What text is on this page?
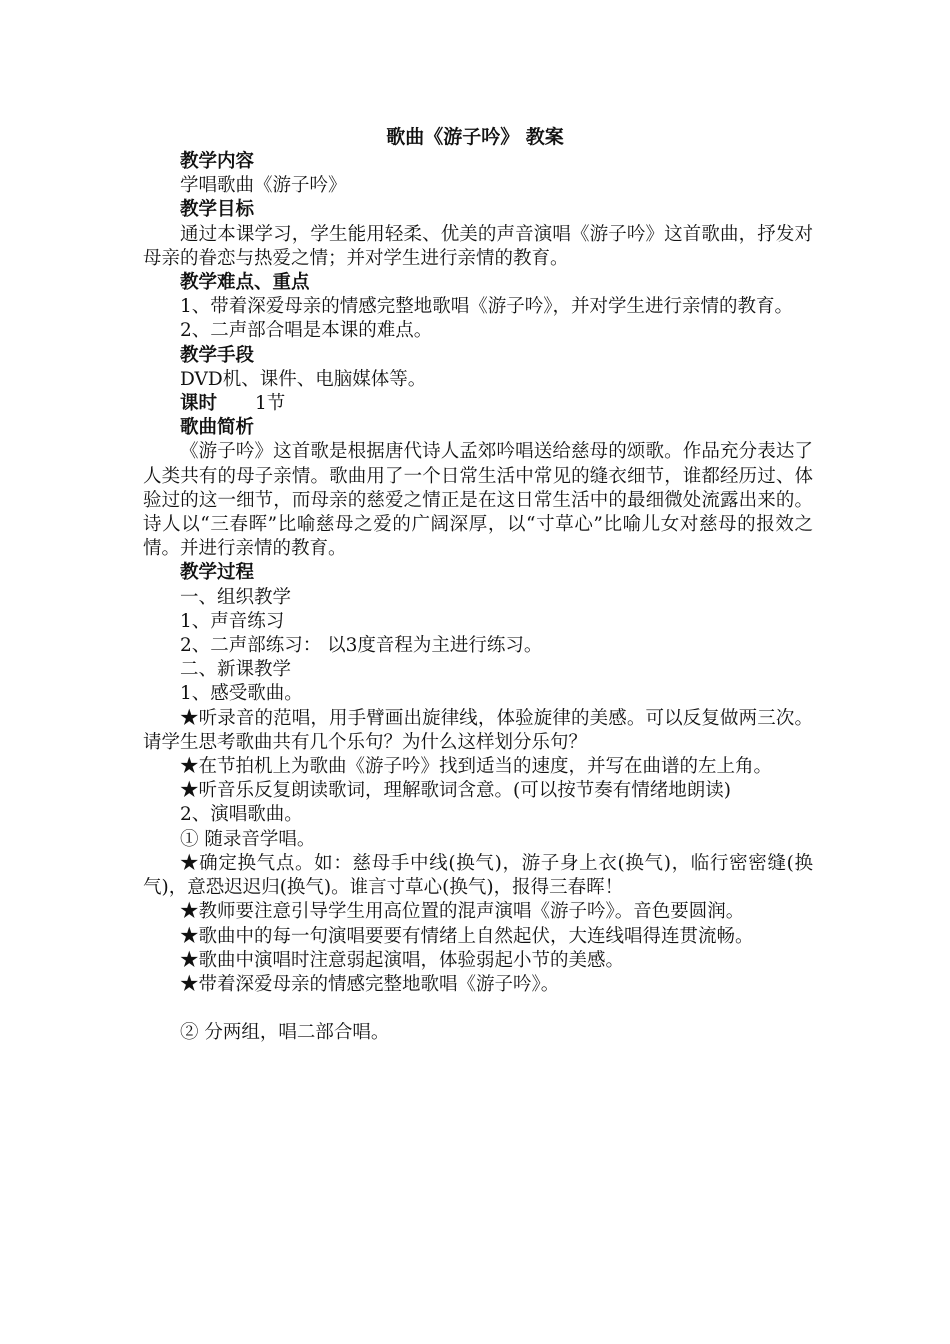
歌曲《游子吟》 教案

教学内容

学唱歌曲《游子吟》

教学目标

通过本课学习，学生能用轻柔、优美的声音演唱《游子吟》这首歌曲，抒发对母亲的眷恋与热爱之情；并对学生进行亲情的教育。

教学难点、重点

1、带着深爱母亲的情感完整地歌唱《游子吟》，并对学生进行亲情的教育。

2、二声部合唱是本课的难点。

教学手段

DVD机、课件、电脑媒体等。

课时 1节

歌曲简析

《游子吟》这首歌是根据唐代诗人孟郊吟唱送给慈母的颂歌。作品充分表达了人类共有的母子亲情。歌曲用了一个日常生活中常见的缝衣细节，谁都经历过、体验过的这一细节，而母亲的慈爱之情正是在这日常生活中的最细微处流露出来的。诗人以“三春晖”比喻慈母之爱的广阔深厚，以“寸草心”比喻儿女对慈母的报效之情。并进行亲情的教育。

教学过程

一、组织教学

1、声音练习

2、二声部练习： 以3度音程为主进行练习。

二、新课教学

1、感受歌曲。

★听录音的范唱，用手臂画出旋律线，体验旋律的美感。可以反复做两三次。请学生思考歌曲共有几个乐句？为什么这样划分乐句？

★在节拍机上为歌曲《游子吟》找到适当的速度，并写在曲谱的左上角。

★听音乐反复朗读歌词，理解歌词含意。(可以按节奏有情绪地朗读)

2、演唱歌曲。

① 随录音学唱。

★确定换气点。如：慈母手中线(换气)，游子身上衣(换气)，临行密密缝(换气)，意恐迟迟归(换气)。谁言寸草心(换气)，报得三春晖！

★教师要注意引导学生用高位置的混声演唱《游子吟》。音色要圆润。

★歌曲中的每一句演唱要要有情绪上自然起伏，大连线唱得连贯流畅。

★歌曲中演唱时注意弱起演唱，体验弱起小节的美感。

★带着深爱母亲的情感完整地歌唱《游子吟》。

② 分两组，唱二部合唱。
